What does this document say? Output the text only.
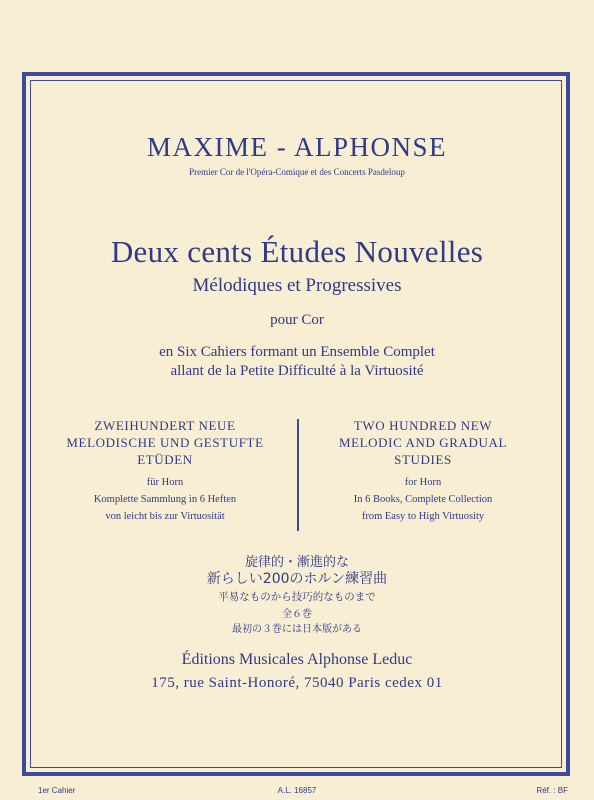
MAXIME - ALPHONSE
Premier Cor de l'Opéra-Comique et des Concerts Pasdeloup
Deux cents Études Nouvelles
Mélodiques et Progressives
pour Cor
en Six Cahiers formant un Ensemble Complet
allant de la Petite Difficulté à la Virtuosité
ZWEIHUNDERT NEUE
MELODISCHE UND GESTUFTE
ETÜDEN
für Horn
Komplette Sammlung in 6 Heften
von leicht bis zur Virtuosität
TWO HUNDRED NEW
MELODIC AND GRADUAL
STUDIES
for Horn
In 6 Books, Complete Collection
from Easy to High Virtuosity
旋律的・漸進的な
新らしい200のホルン練習曲
平易なものから技巧的なものまで
全６巻
最初の３巻には日本版がある
Éditions Musicales Alphonse Leduc
175, rue Saint-Honoré, 75040 Paris cedex 01
1er Cahier	A.L. 16857	Réf. : BF
